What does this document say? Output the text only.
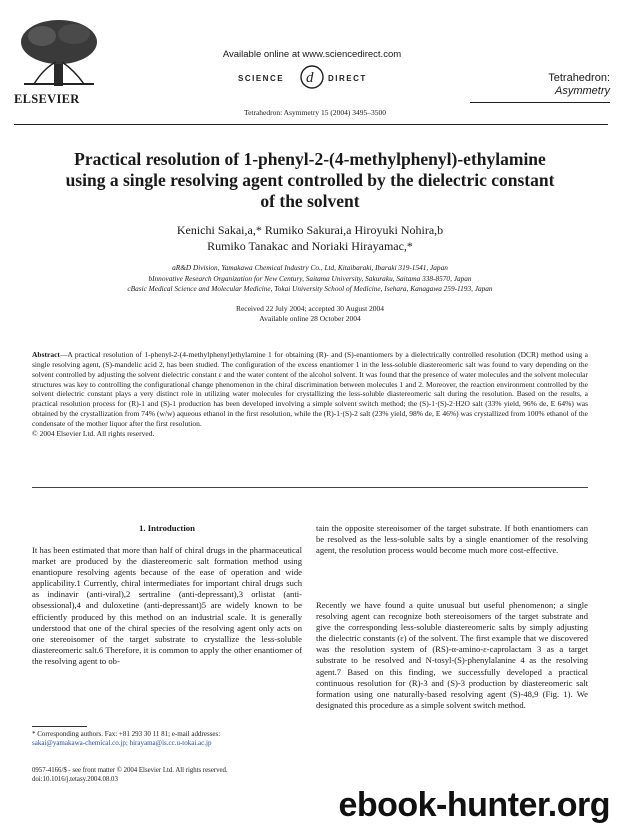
ELSEVIER
Available online at www.sciencedirect.com
SCIENCE d DIRECT
Tetrahedron: Asymmetry 15 (2004) 3495–3500
Tetrahedron:
Asymmetry
Practical resolution of 1-phenyl-2-(4-methylphenyl)-ethylamine using a single resolving agent controlled by the dielectric constant of the solvent
Kenichi Sakai,a,* Rumiko Sakurai,a Hiroyuki Nohira,b
Rumiko Tanakac and Noriaki Hirayamac,*
aR&D Division, Yamakawa Chemical Industry Co., Ltd, Kitaibaraki, Ibaraki 319-1541, Japan
bInnovative Research Organization for New Century, Saitama University, Sakuraku, Saitama 338-8570, Japan
cBasic Medical Science and Molecular Medicine, Tokai University School of Medicine, Isehara, Kanagawa 259-1193, Japan
Received 22 July 2004; accepted 30 August 2004
Available online 28 October 2004
Abstract—A practical resolution of 1-phenyl-2-(4-methylphenyl)ethylamine 1 for obtaining (R)- and (S)-enantiomers by a dielectrically controlled resolution (DCR) method using a single resolving agent, (S)-mandelic acid 2, has been studied. The configuration of the excess enantiomer 1 in the less-soluble diastereomeric salt was found to vary depending on the solvent controlled by adjusting the solvent dielectric constant ε and the water content of the alcohol solvent. It was found that the presence of water molecules and the solvent molecular structures was key to controlling the configurational change phenomenon in the chiral discrimination between molecules 1 and 2. Moreover, the reaction environment controlled by the solvent dielectric constant plays a very distinct role in utilizing water molecules for crystallizing the less-soluble diastereomeric salt during the resolution. Based on the results, a practical resolution process for (R)-1 and (S)-1 production has been developed involving a simple solvent switch method; the (S)-1·(S)-2·H2O salt (33% yield, 96% de, E 64%) was obtained by the crystallization from 74% (w/w) aqueous ethanol in the first resolution, while the (R)-1·(S)-2 salt (23% yield, 98% de, E 46%) was crystallized from 100% ethanol of the condensate of the mother liquor after the first resolution.
© 2004 Elsevier Ltd. All rights reserved.
1. Introduction
It has been estimated that more than half of chiral drugs in the pharmaceutical market are produced by the diastereomeric salt formation method using enantiopure resolving agents because of the ease of operation and wide applicability.1 Currently, chiral intermediates for important chiral drugs such as indinavir (anti-viral),2 sertraline (anti-depressant),3 orlistat (anti-obsessional),4 and duloxetine (anti-depressant)5 are widely known to be efficiently produced by this method on an industrial scale. It is generally understood that one of the chiral species of the resolving agent only acts on one stereoisomer of the target substrate to crystallize the less-soluble diastereomeric salt.6 Therefore, it is common to apply the other enantiomer of the resolving agent to ob-
tain the opposite stereoisomer of the target substrate. If both enantiomers can be resolved as the less-soluble salts by a single enantiomer of the resolving agent, the resolution process would become much more cost-effective.
Recently we have found a quite unusual but useful phenomenon; a single resolving agent can recognize both stereoisomers of the target substrate and give the corresponding less-soluble diastereomeric salts by simply adjusting the dielectric constants (ε) of the solvent. The first example that we discovered was the resolution system of (RS)-α-amino-ε-caprolactam 3 as a target substrate to be resolved and N-tosyl-(S)-phenylalanine 4 as the resolving agent.7 Based on this finding, we successfully developed a practical continuous resolution for (R)-3 and (S)-3 production by diastereomeric salt formation using one naturally-based resolving agent (S)-48,9 (Fig. 1). We designated this procedure as a simple solvent switch method.
* Corresponding authors. Fax: +81 293 30 11 81; e-mail addresses:
sakai@yamakawa-chemical.co.jp; hirayama@is.cc.u-tokai.ac.jp
0957-4166/$ - see front matter © 2004 Elsevier Ltd. All rights reserved.
doi:10.1016/j.tetasy.2004.08.03
ebook-hunter.org
